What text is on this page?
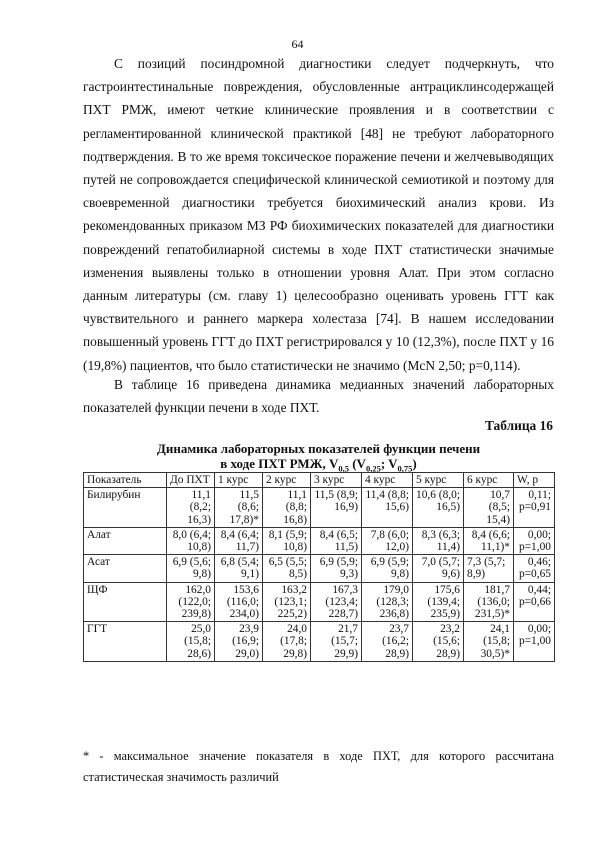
64

С позиций посиндромной диагностики следует подчеркнуть, что гастроинтестинальные повреждения, обусловленные антрациклинсодержащей ПХТ РМЖ, имеют четкие клинические проявления и в соответствии с регламентированной клинической практикой [48] не требуют лабораторного подтверждения. В то же время токсическое поражение печени и желчевыводящих путей не сопровождается специфической клинической семиотикой и поэтому для своевременной диагностики требуется биохимический анализ крови. Из рекомендованных приказом МЗ РФ биохимических показателей для диагностики повреждений гепатобилиарной системы в ходе ПХТ статистически значимые изменения выявлены только в отношении уровня Алат. При этом согласно данным литературы (см. главу 1) целесообразно оценивать уровень ГГТ как чувствительного и раннего маркера холестаза [74]. В нашем исследовании повышенный уровень ГГТ до ПХТ регистрировался у 10 (12,3%), после ПХТ у 16 (19,8%) пациентов, что было статистически не значимо (McN 2,50; p=0,114).

В таблице 16 приведена динамика медианных значений лабораторных показателей функции печени в ходе ПХТ.

Таблица 16
Динамика лабораторных показателей функции печени
в ходе ПХТ РМЖ, $V_{0,5}$ ($V_{0,25}$; $V_{0,75}$)
Показатель	До ПХТ	1 курс	2 курс	3 курс	4 курс	5 курс	6 курс	W, p
Билирубин	11,1 (8,2; 16,3)	11,5 (8,6; 17,8)*	11,1 (8,8; 16,8)	11,5 (8,9; 16,9)	11,4 (8,8; 15,6)	10,6 (8,0; 16,5)	10,7 (8,5; 15,4)	0,11; p=0,91
Алат	8,0 (6,4; 10,8)	8,4 (6,4; 11,7)	8,1 (5,9; 10,8)	8,4 (6,5; 11,5)	7,8 (6,0; 12,0)	8,3 (6,3; 11,4)	8,4 (6,6; 11,1)*	0,00; p=1,00
Асат	6,9 (5,6; 9,8)	6,8 (5,4; 9,1)	6,5 (5,5; 8,5)	6,9 (5,9; 9,3)	6,9 (5,9; 9,8)	7,0 (5,7; 9,6)	7,3 (5,7; 8,9)	0,46; p=0,65
ЩФ	162,0 (122,0; 239,8)	153,6 (116,0; 234,0)	163,2 (123,1; 225,2)	167,3 (123,4; 228,7)	179,0 (128,3; 236,8)	175,6 (139,4; 235,9)	181,7 (136,0; 231,5)*	0,44; p=0,66
ГГТ	25,0 (15,8; 28,6)	23,9 (16,9; 29,0)	24,0 (17,8; 29,8)	21,7 (15,7; 29,9)	23,7 (16,2; 28,9)	23,2 (15,6; 28,9)	24,1 (15,8; 30,5)*	0,00; p=1,00

* - максимальное значение показателя в ходе ПХТ, для которого рассчитана статистическая значимость различий
